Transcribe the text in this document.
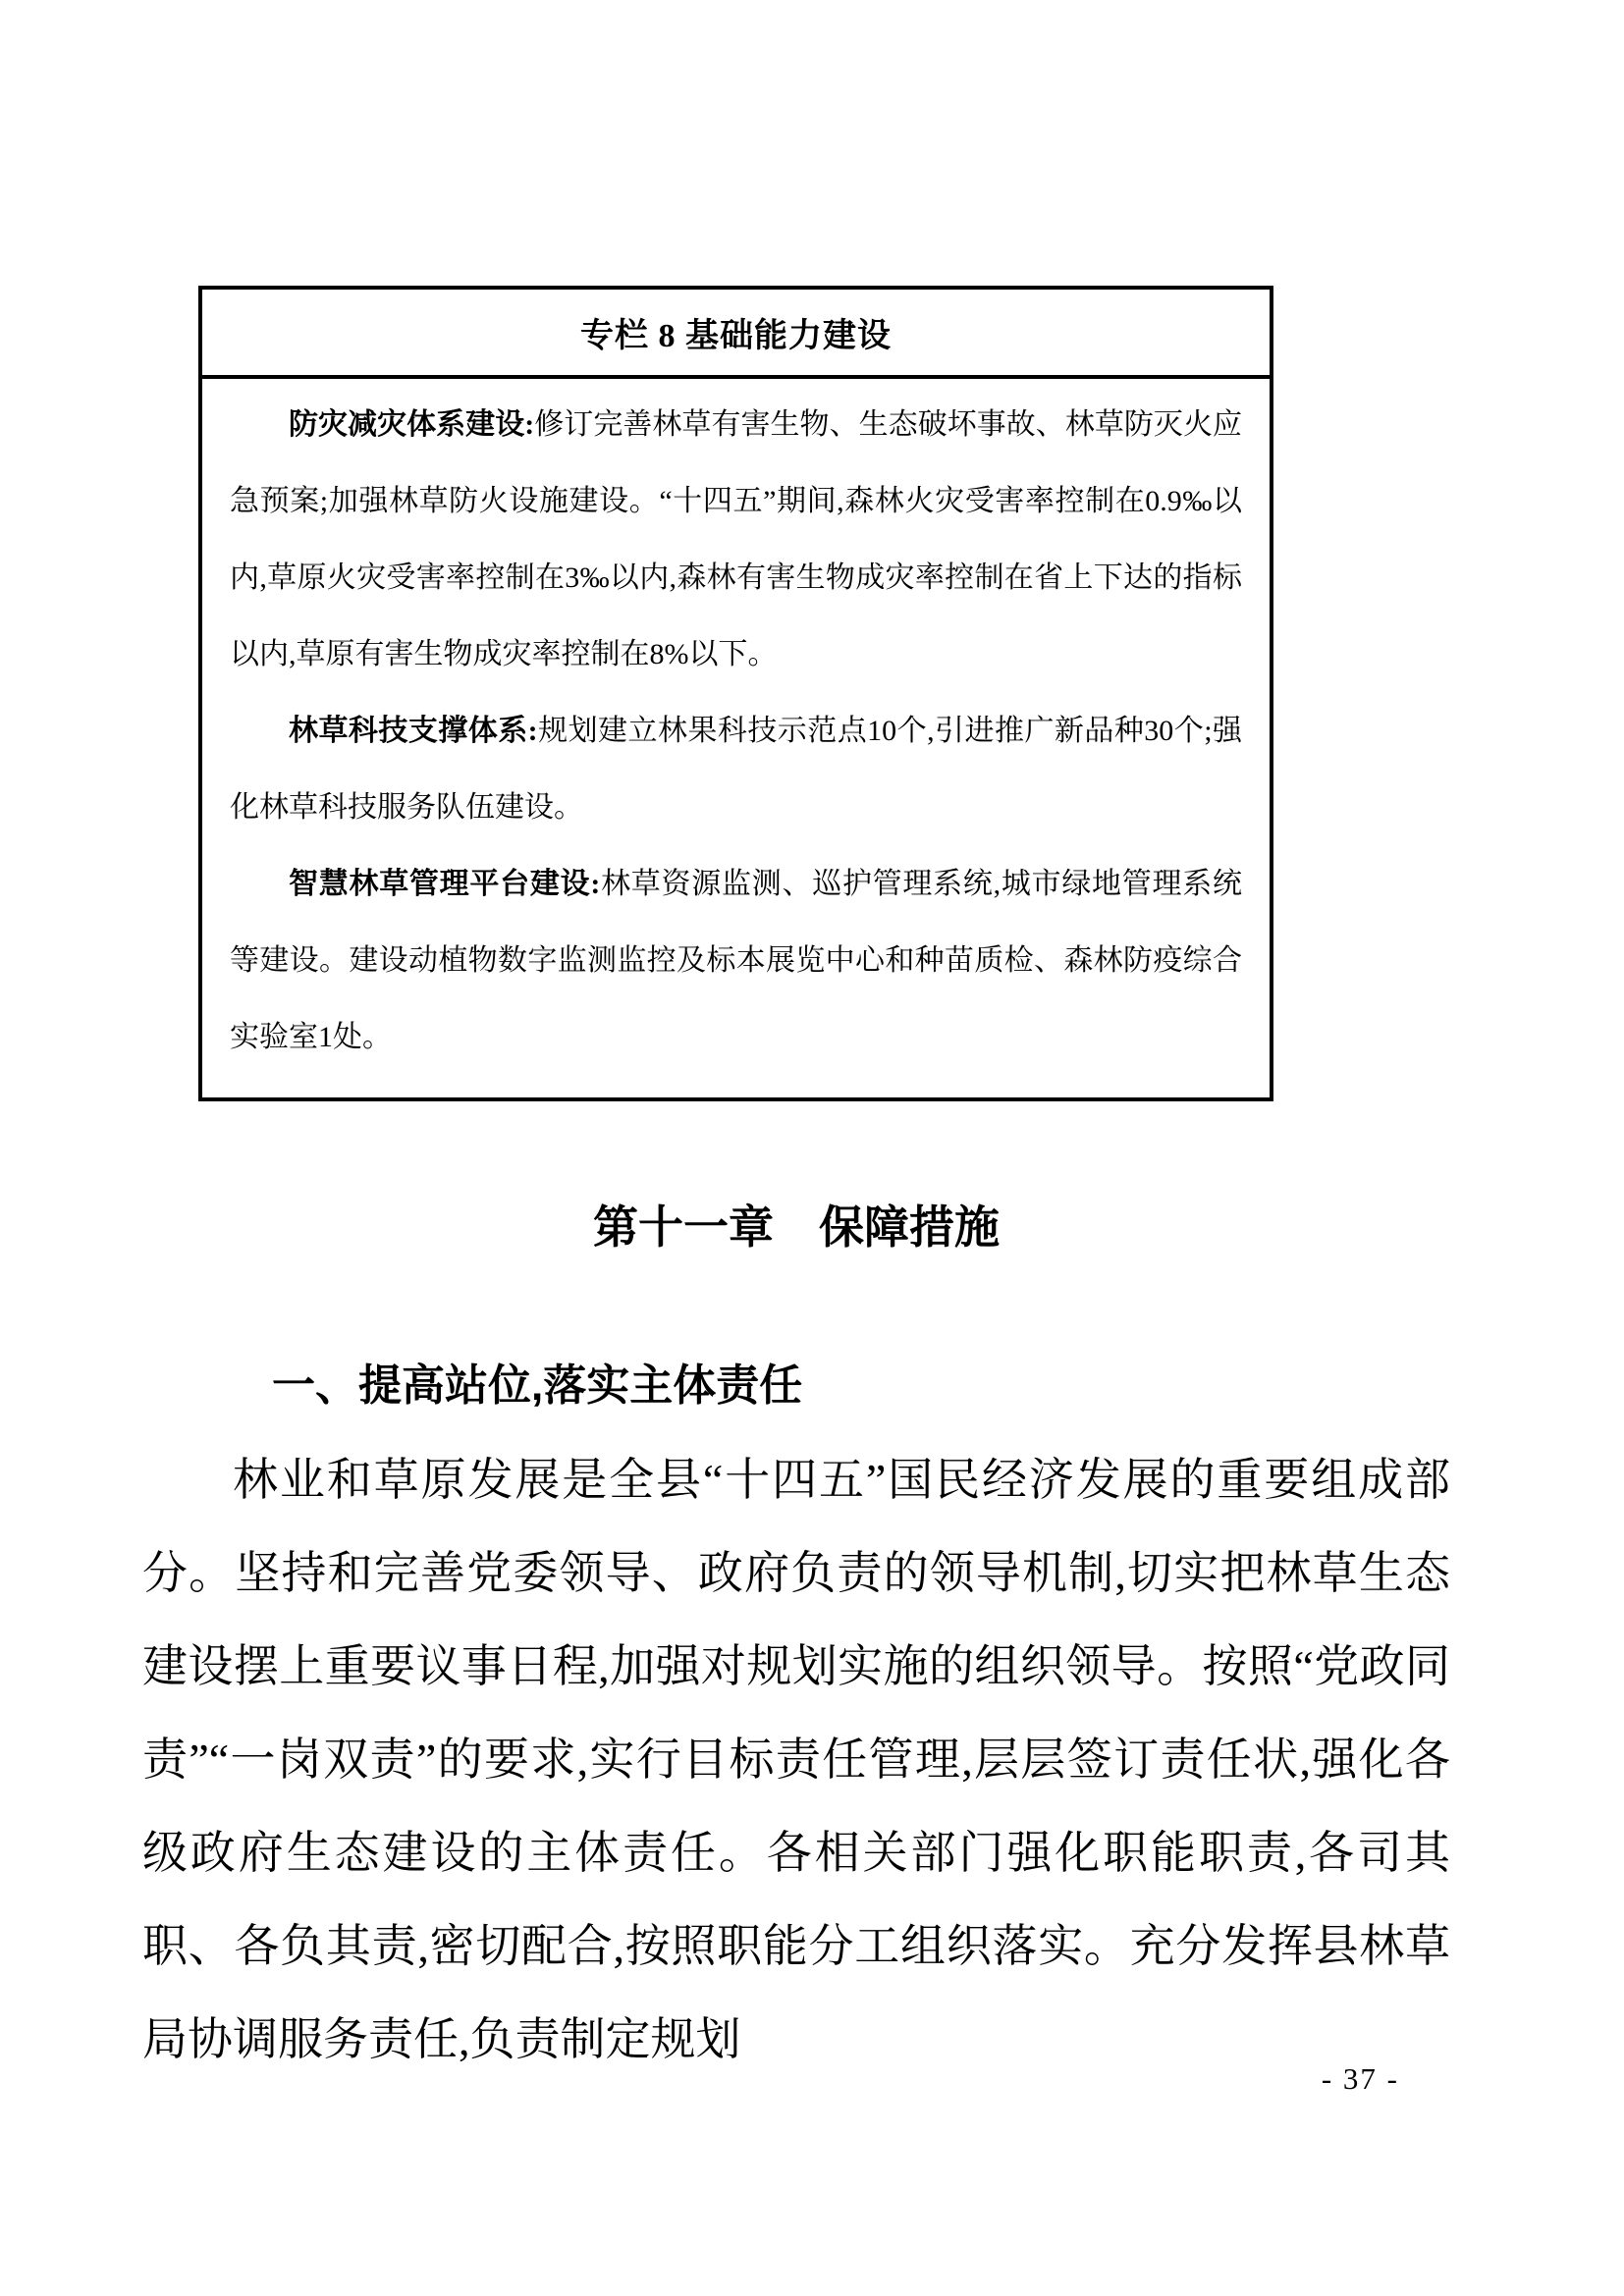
专栏 8 基础能力建设

防灾减灾体系建设:修订完善林草有害生物、生态破坏事故、林草防灭火应急预案;加强林草防火设施建设。“十四五”期间,森林火灾受害率控制在0.9‰以内,草原火灾受害率控制在3‰以内,森林有害生物成灾率控制在省上下达的指标以内,草原有害生物成灾率控制在8%以下。

林草科技支撑体系:规划建立林果科技示范点10个,引进推广新品种30个;强化林草科技服务队伍建设。

智慧林草管理平台建设:林草资源监测、巡护管理系统,城市绿地管理系统等建设。建设动植物数字监测监控及标本展览中心和种苗质检、森林防疫综合实验室1处。

第十一章　保障措施
一、提高站位,落实主体责任

林业和草原发展是全县“十四五”国民经济发展的重要组成部分。坚持和完善党委领导、政府负责的领导机制,切实把林草生态建设摆上重要议事日程,加强对规划实施的组织领导。按照“党政同责”“一岗双责”的要求,实行目标责任管理,层层签订责任状,强化各级政府生态建设的主体责任。各相关部门强化职能职责,各司其职、各负其责,密切配合,按照职能分工组织落实。充分发挥县林草局协调服务责任,负责制定规划

- 37 -
